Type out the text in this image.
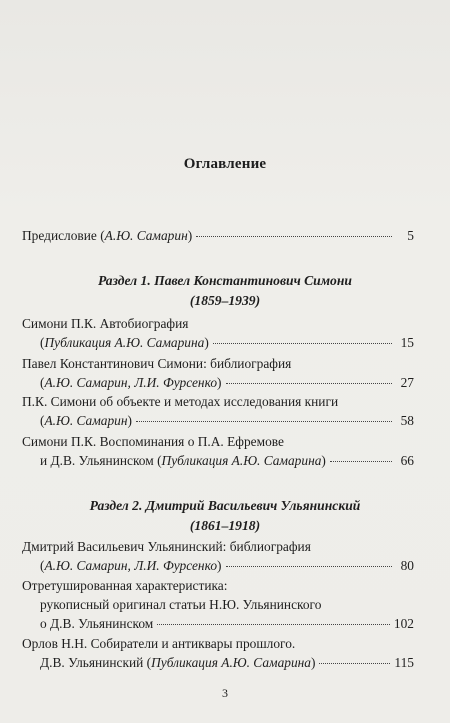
Оглавление
Предисловие (А.Ю. Самарин)	5
Раздел 1. Павел Константинович Симони
(1859–1939)
Симони П.К. Автобиография
(Публикация А.Ю. Самарина)	15
Павел Константинович Симони: библиография
(А.Ю. Самарин, Л.И. Фурсенко)	27
П.К. Симони об объекте и методах исследования книги
(А.Ю. Самарин)	58
Симони П.К. Воспоминания о П.А. Ефремове
и Д.В. Ульянинском (Публикация А.Ю. Самарина)	66
Раздел 2. Дмитрий Васильевич Ульянинский
(1861–1918)
Дмитрий Васильевич Ульянинский: библиография
(А.Ю. Самарин, Л.И. Фурсенко)	80
Отретушированная характеристика:
рукописный оригинал статьи Н.Ю. Ульянинского
о Д.В. Ульянинском	102
Орлов Н.Н. Собиратели и антиквары прошлого.
Д.В. Ульянинский (Публикация А.Ю. Самарина)	115
3
